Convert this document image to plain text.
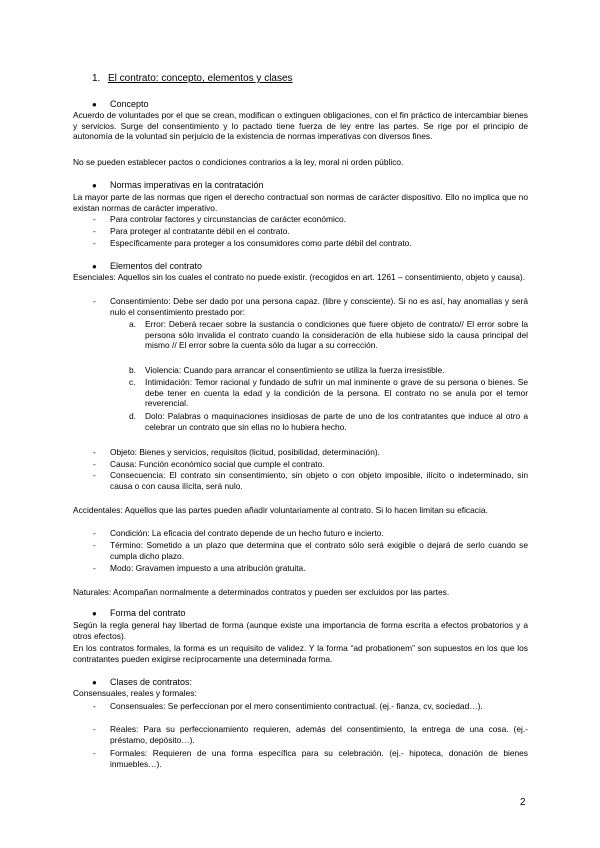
1. El contrato: concepto, elementos y clases
● Concepto
Acuerdo de voluntades por el que se crean, modifican o extinguen obligaciones, con el fin práctico de intercambiar bienes y servicios. Surge del consentimiento y lo pactado tiene fuerza de ley entre las partes. Se rige por el principio de autonomía de la voluntad sin perjuicio de la existencia de normas imperativas con diversos fines.
No se pueden establecer pactos o condiciones contrarios a la ley, moral ni orden público.
● Normas imperativas en la contratación
La mayor parte de las normas que rigen el derecho contractual son normas de carácter dispositivo. Ello no implica que no existan normas de carácter imperativo.
- Para controlar factores y circunstancias de carácter económico.
- Para proteger al contratante débil en el contrato.
- Específicamente para proteger a los consumidores como parte débil del contrato.
● Elementos del contrato
Esenciales: Aquellos sin los cuales el contrato no puede existir. (recogidos en art. 1261 – consentimiento, objeto y causa).
- Consentimiento: Debe ser dado por una persona capaz. (libre y consciente). Si no es así, hay anomalías y será nulo el consentimiento prestado por:
a. Error: Deberá recaer sobre la sustancia o condiciones que fuere objeto de contrato// El error sobre la persona sólo invalida el contrato cuando la consideración de ella hubiese sido la causa principal del mismo // El error sobre la cuenta sólo da lugar a su corrección.
b. Violencia: Cuando para arrancar el consentimiento se utiliza la fuerza irresistible.
c. Intimidación: Temor racional y fundado de sufrir un mal inminente o grave de su persona o bienes. Se debe tener en cuenta la edad y la condición de la persona. El contrato no se anula por el temor reverencial.
d. Dolo: Palabras o maquinaciones insidiosas de parte de uno de los contratantes que induce al otro a celebrar un contrato que sin ellas no lo hubiera hecho.
- Objeto: Bienes y servicios, requisitos (licitud, posibilidad, determinación).
- Causa: Función económico social que cumple el contrato.
- Consecuencia: El contrato sin consentimiento, sin objeto o con objeto imposible, ilícito o indeterminado, sin causa o con causa ilícita, será nulo.
Accidentales: Aquellos que las partes pueden añadir voluntariamente al contrato. Si lo hacen limitan su eficacia.
- Condición: La eficacia del contrato depende de un hecho futuro e incierto.
- Término: Sometido a un plazo que determina que el contrato sólo será exigible o dejará de serlo cuando se cumpla dicho plazo.
- Modo: Gravamen impuesto a una atribución gratuita.
Naturales: Acompañan normalmente a determinados contratos y pueden ser excluidos por las partes.
● Forma del contrato
Según la regla general hay libertad de forma (aunque existe una importancia de forma escrita a efectos probatorios y a otros efectos).
En los contratos formales, la forma es un requisito de validez. Y la forma “ad probationem” son supuestos en los que los contratantes pueden exigirse recíprocamente una determinada forma.
● Clases de contratos:
Consensuales, reales y formales:
- Consensuales: Se perfeccionan por el mero consentimiento contractual. (ej.- fianza, cv, sociedad…).
- Reales: Para su perfeccionamiento requieren, además del consentimiento, la entrega de una cosa. (ej.- préstamo, depósito…).
- Formales: Requieren de una forma específica para su celebración. (ej.- hipoteca, donación de bienes inmuebles…).
2
